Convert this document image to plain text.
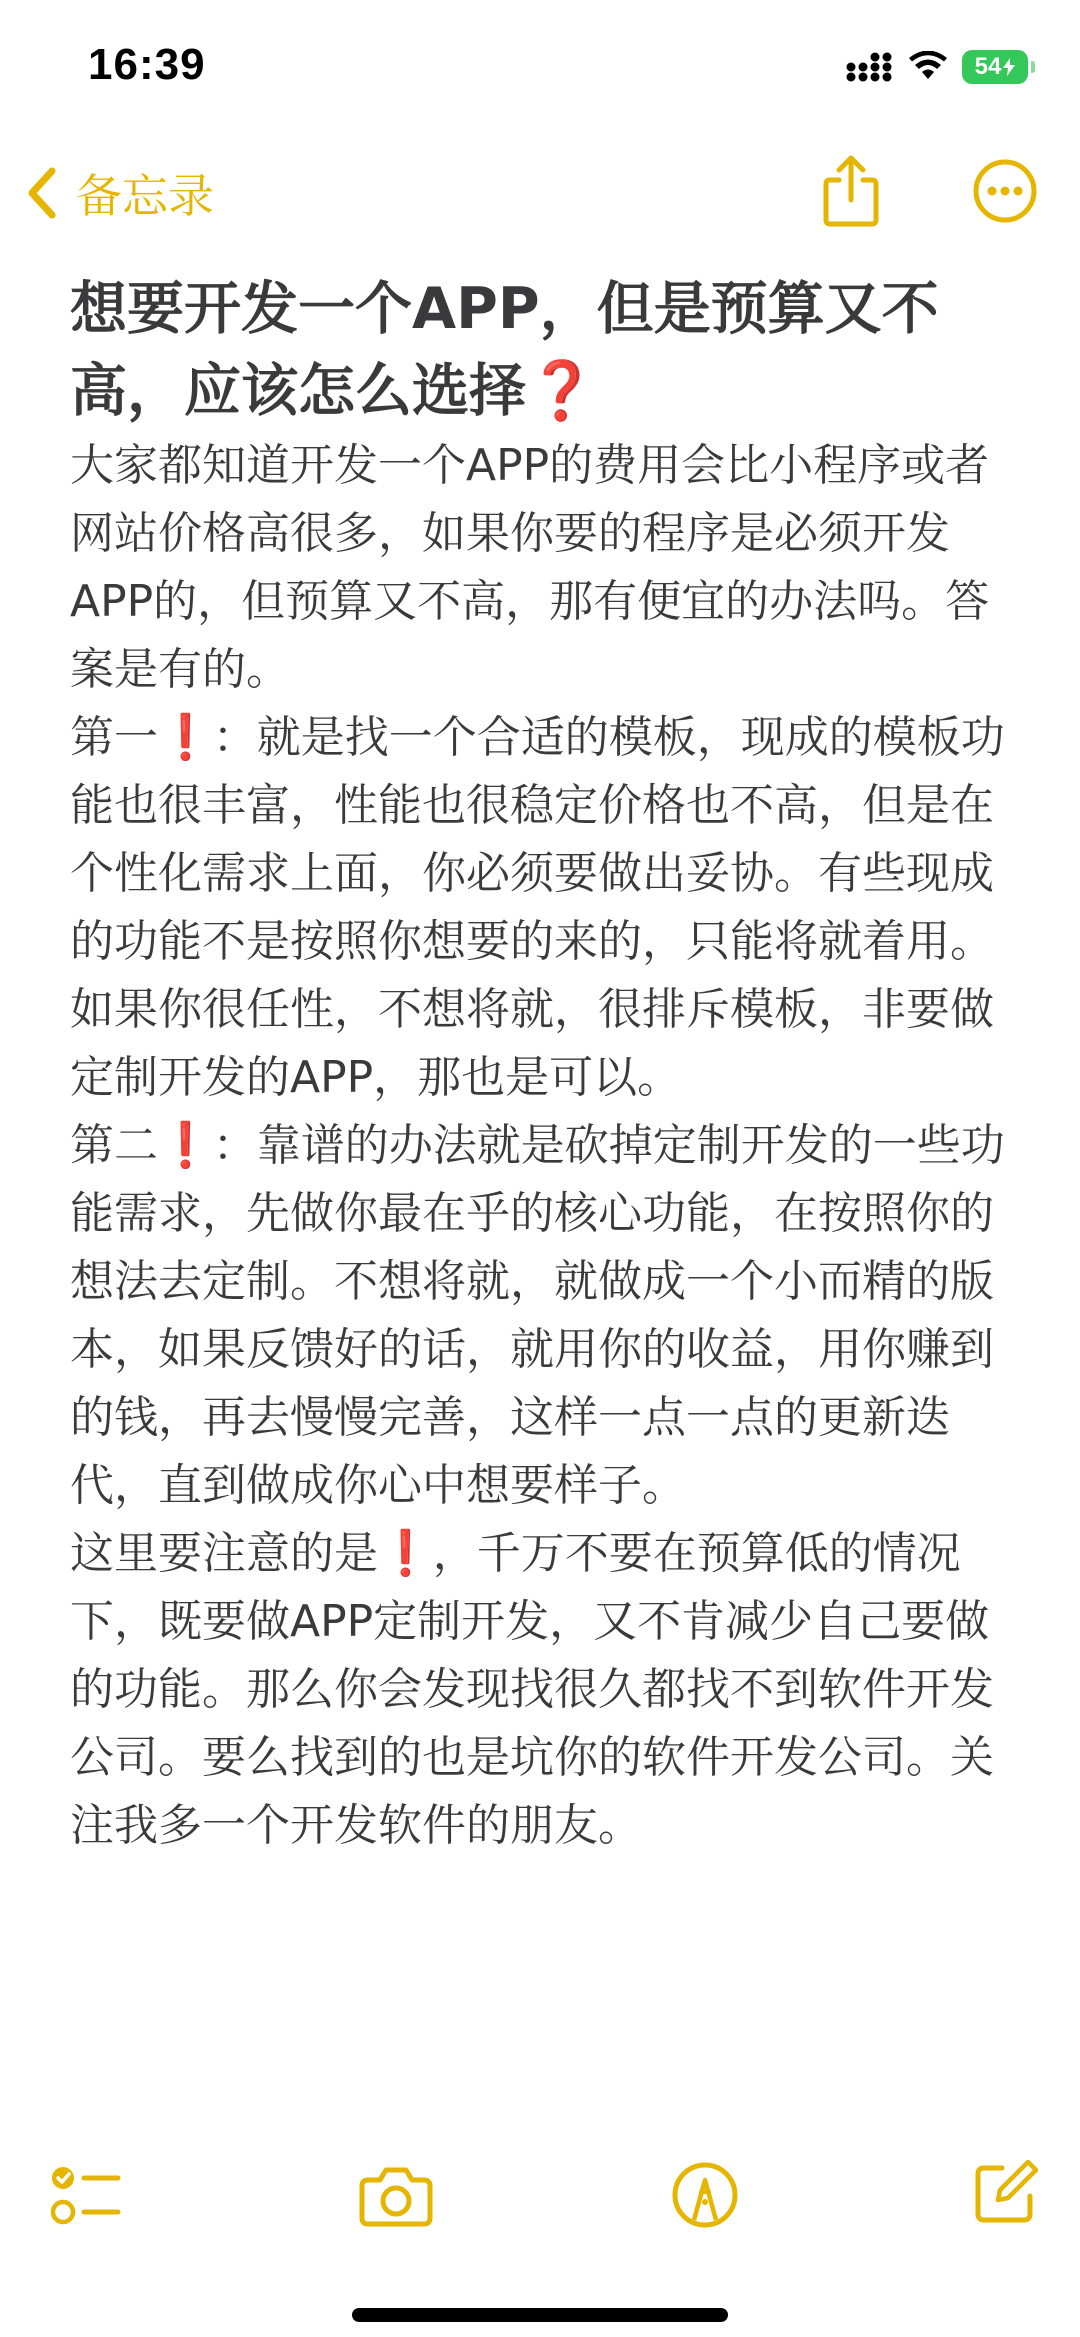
16:39	54
备忘录
想要开发一个APP，但是预算又不高，应该怎么选择❓

大家都知道开发一个APP的费用会比小程序或者网站价格高很多，如果你要的程序是必须开发APP的，但预算又不高，那有便宜的办法吗。答案是有的。

第一❗：就是找一个合适的模板，现成的模板功能也很丰富，性能也很稳定价格也不高，但是在个性化需求上面，你必须要做出妥协。有些现成的功能不是按照你想要的来的，只能将就着用。如果你很任性，不想将就，很排斥模板，非要做定制开发的APP，那也是可以。

第二❗：靠谱的办法就是砍掉定制开发的一些功能需求，先做你最在乎的核心功能，在按照你的想法去定制。不想将就，就做成一个小而精的版本，如果反馈好的话，就用你的收益，用你赚到的钱，再去慢慢完善，这样一点一点的更新迭代，直到做成你心中想要样子。

这里要注意的是❗，千万不要在预算低的情况下，既要做APP定制开发，又不肯减少自己要做的功能。那么你会发现找很久都找不到软件开发公司。要么找到的也是坑你的软件开发公司。关注我多一个开发软件的朋友。
